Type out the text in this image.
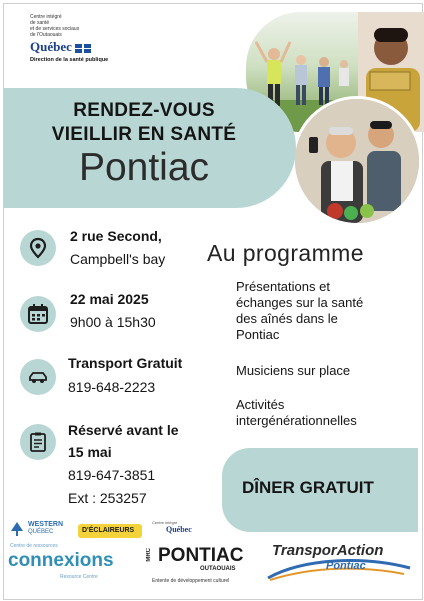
Centre intégré
de santé
et de services sociaux
de l'Outaouais
Québec
Direction de la santé publique
RENDEZ-VOUS
VIEILLIR EN SANTÉ
Pontiac
2 rue Second,
Campbell's bay
22 mai 2025
9h00 à 15h30
Transport Gratuit
819-648-2223
Réservé avant le
15 mai
819-647-3851
Ext : 253257
Au programme
Présentations et
échanges sur la santé
des aînés dans le
Pontiac
Musiciens sur place
Activités
intergénérationnelles
DÎNER GRATUIT
WESTERN
QUÉBEC	D'ÉCLAIREURS
Centre de ressources
connexions
Resource Centre
Centre intégré
Québec
MRC PONTIAC
OUTAOUAIS
Entente de développement culturel
TransporAction
Pontiac
